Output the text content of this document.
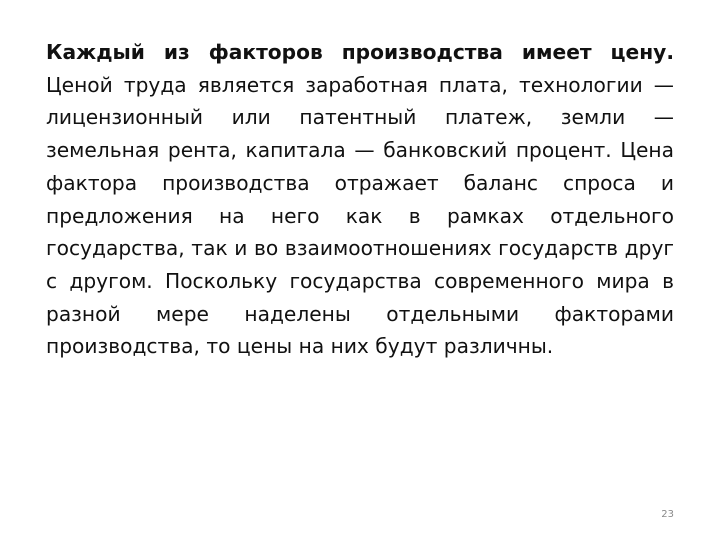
Каждый из факторов производства имеет цену. Ценой труда является заработная плата, технологии — лицензионный или патентный платеж, земли — земельная рента, капитала — банковский процент. Цена фактора производства отражает баланс спроса и предложения на него как в рамках отдельного государства, так и во взаимоотношениях государств друг с другом. Поскольку государства современного мира в разной мере наделены отдельными факторами производства, то цены на них будут различны.

23
